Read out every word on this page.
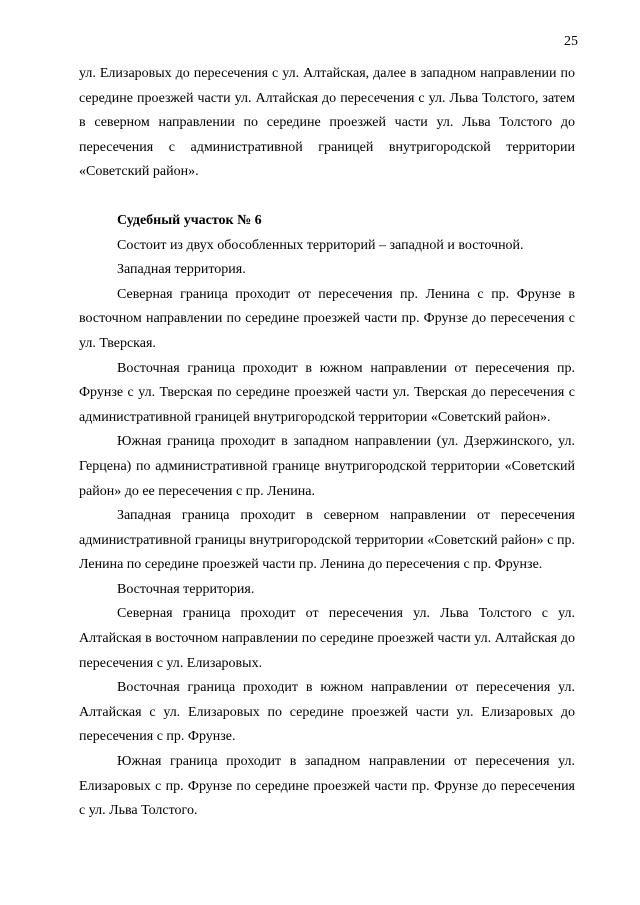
25

ул. Елизаровых до пересечения с ул. Алтайская, далее в западном направлении по середине проезжей части ул. Алтайская до пересечения с ул. Льва Толстого, затем в северном направлении по середине проезжей части ул. Льва Толстого до пересечения с административной границей внутригородской территории «Советский район».

Судебный участок № 6

Состоит из двух обособленных территорий – западной и восточной.

Западная территория.

Северная граница проходит от пересечения пр. Ленина с пр. Фрунзе в восточном направлении по середине проезжей части пр. Фрунзе до пересечения с ул. Тверская.

Восточная граница проходит в южном направлении от пересечения пр. Фрунзе с ул. Тверская по середине проезжей части ул. Тверская до пересечения с административной границей внутригородской территории «Советский район».

Южная граница проходит в западном направлении (ул. Дзержинского, ул. Герцена) по административной границе внутригородской территории «Советский район» до ее пересечения с пр. Ленина.

Западная граница проходит в северном направлении от пересечения административной границы внутригородской территории «Советский район» с пр. Ленина по середине проезжей части пр. Ленина до пересечения с пр. Фрунзе.

Восточная территория.

Северная граница проходит от пересечения ул. Льва Толстого с ул. Алтайская в восточном направлении по середине проезжей части ул. Алтайская до пересечения с ул. Елизаровых.

Восточная граница проходит в южном направлении от пересечения ул. Алтайская с ул. Елизаровых по середине проезжей части ул. Елизаровых до пересечения с пр. Фрунзе.

Южная граница проходит в западном направлении от пересечения ул. Елизаровых с пр. Фрунзе по середине проезжей части пр. Фрунзе до пересечения с ул. Льва Толстого.
